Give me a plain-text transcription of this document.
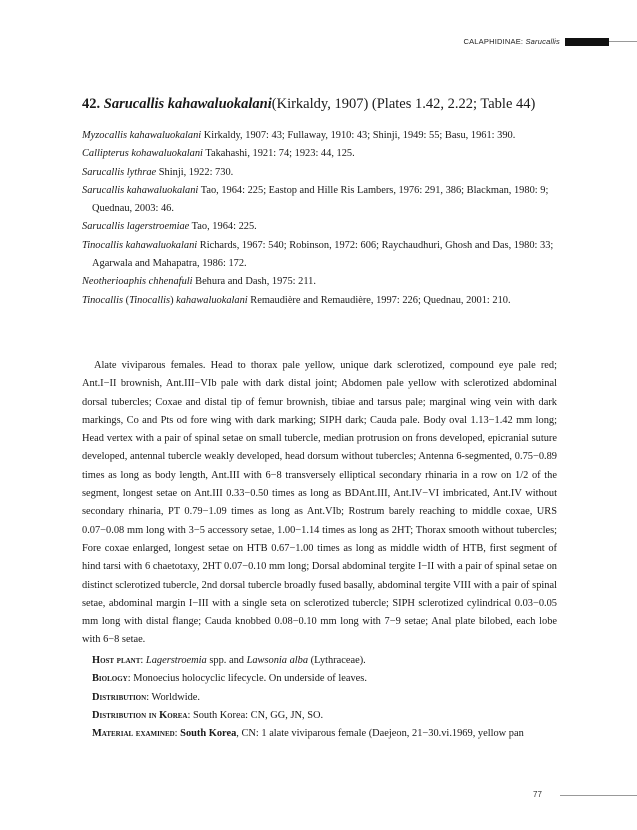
CALAPHIDINAE: Sarucallis
42. Sarucallis kahawaluokalani(Kirkaldy, 1907) (Plates 1.42, 2.22; Table 44)

Myzocallis kahawaluokalani Kirkaldy, 1907: 43; Fullaway, 1910: 43; Shinji, 1949: 55; Basu, 1961: 390.

Callipterus kohawaluokalani Takahashi, 1921: 74; 1923: 44, 125.

Sarucallis lythrae Shinji, 1922: 730.

Sarucallis kahawaluokalani Tao, 1964: 225; Eastop and Hille Ris Lambers, 1976: 291, 386; Blackman, 1980: 9; Quednau, 2003: 46.

Sarucallis lagerstroemiae Tao, 1964: 225.

Tinocallis kahawaluokalani Richards, 1967: 540; Robinson, 1972: 606; Raychaudhuri, Ghosh and Das, 1980: 33; Agarwala and Mahapatra, 1986: 172.

Neotherioaphis chhenafuli Behura and Dash, 1975: 211.

Tinocallis (Tinocallis) kahawaluokalani Remaudière and Remaudière, 1997: 226; Quednau, 2001: 210.

Alate viviparous females. Head to thorax pale yellow, unique dark sclerotized, compound eye pale red; Ant.I−II brownish, Ant.III−VIb pale with dark distal joint; Abdomen pale yellow with sclerotized abdominal dorsal tubercles; Coxae and distal tip of femur brownish, tibiae and tarsus pale; marginal wing vein with dark markings, Co and Pts od fore wing with dark marking; SIPH dark; Cauda pale. Body oval 1.13−1.42 mm long; Head vertex with a pair of spinal setae on small tubercle, median protrusion on frons developed, epicranial suture developed, antennal tubercle weakly developed, head dorsum without tubercles; Antenna 6-segmented, 0.75−0.89 times as long as body length, Ant.III with 6−8 transversely elliptical secondary rhinaria in a row on 1/2 of the segment, longest setae on Ant.III 0.33−0.50 times as long as BDAnt.III, Ant.IV−VI imbricated, Ant.IV without secondary rhinaria, PT 0.79−1.09 times as long as Ant.VIb; Rostrum barely reaching to middle coxae, URS 0.07−0.08 mm long with 3−5 accessory setae, 1.00−1.14 times as long as 2HT; Thorax smooth without tubercles; Fore coxae enlarged, longest setae on HTB 0.67−1.00 times as long as middle width of HTB, first segment of hind tarsi with 6 chaetotaxy, 2HT 0.07−0.10 mm long; Dorsal abdominal tergite I−II with a pair of spinal setae on distinct sclerotized tubercle, 2nd dorsal tubercle broadly fused basally, abdominal tergite VIII with a pair of spinal setae, abdominal margin I−III with a single seta on sclerotized tubercle; SIPH sclerotized cylindrical 0.03−0.05 mm long with distal flange; Cauda knobbed 0.08−0.10 mm long with 7−9 setae; Anal plate bilobed, each lobe with 6−8 setae.

Host plant: Lagerstroemia spp. and Lawsonia alba (Lythraceae).

Biology: Monoecius holocyclic lifecycle. On underside of leaves.

Distribution: Worldwide.

Distribution in Korea: South Korea: CN, GG, JN, SO.

Material examined: South Korea, CN: 1 alate viviparous female (Daejeon, 21−30.vi.1969, yellow pan

77
